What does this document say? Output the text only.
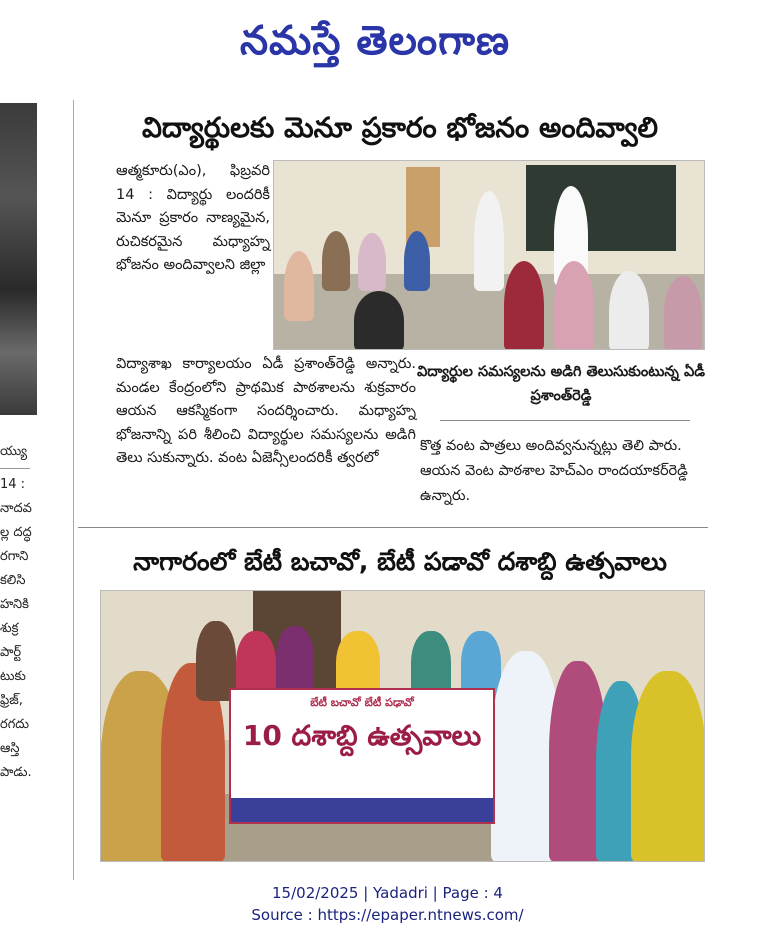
నమస్తే తెలంగాణ
య్యు
14 :
నాదవ
ల్ల దద్ధ
రగాని
కలిసి
హనికి
శుక్ర
పార్ట్
టుకు
ఫ్రిజ్,
రగదు
ఆస్తి
పాడు.
విద్యార్థులకు మెనూ ప్రకారం భోజనం అందివ్వాలి
ఆత్మకూరు(ఎం), ఫిబ్రవరి 14 : విద్యార్థు లందరికీ మెనూ ప్రకారం నాణ్యమైన, రుచికరమైన మధ్యాహ్న భోజనం అందివ్వాలని జిల్లా
విద్యాశాఖ కార్యాలయం ఏడీ ప్రశాంత్‌రెడ్డి అన్నారు. మండల కేంద్రంలోని ప్రాథమిక పాఠశాలను శుక్రవారం ఆయన ఆకస్మికంగా సందర్శించారు. మధ్యాహ్న భోజనాన్ని పరి శీలించి విద్యార్థుల సమస్యలను అడిగి తెలు సుకున్నారు. వంట ఏజెన్సీలందరికీ త్వరలో
విద్యార్థుల సమస్యలను అడిగి తెలుసుకుంటున్న ఏడీ ప్రశాంత్‌రెడ్డి
కొత్త వంట పాత్రలు అందివ్వనున్నట్లు తెలి పారు. ఆయన వెంట పాఠశాల హెచ్‌ఎం రాందయాకర్‌రెడ్డి ఉన్నారు.
నాగారంలో బేటీ బచావో, బేటీ పడావో దశాబ్ది ఉత్సవాలు
బేటీ బచావో బేటీ పఢావో
10 దశాబ్ది ఉత్సవాలు
15/02/2025 | Yadadri | Page : 4
Source : https://epaper.ntnews.com/
